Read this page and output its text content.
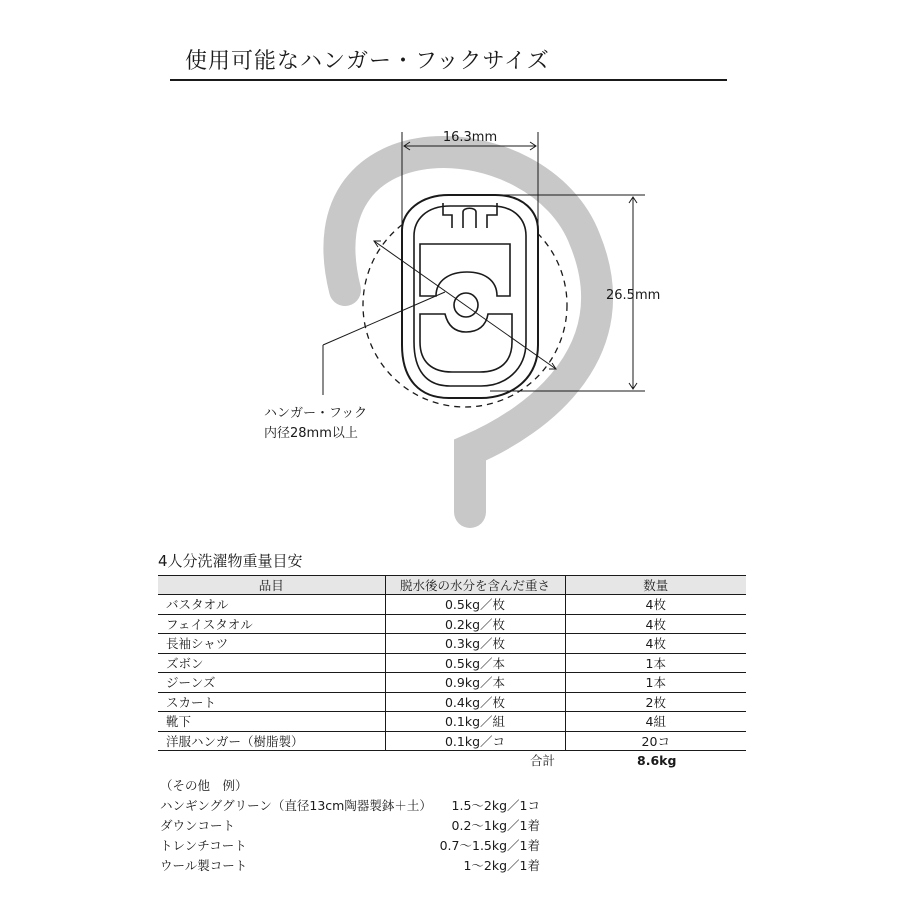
使用可能なハンガー・フックサイズ
16.3mm
26.5mm
ハンガー・フック
内径28mm以上
4人分洗濯物重量目安
品目	脱水後の水分を含んだ重さ	数量
バスタオル	0.5kg／枚	4枚
フェイスタオル	0.2kg／枚	4枚
長袖シャツ	0.3kg／枚	4枚
ズボン	0.5kg／本	1本
ジーンズ	0.9kg／本	1本
スカート	0.4kg／枚	2枚
靴下	0.1kg／組	4組
洋服ハンガー（樹脂製）	0.1kg／コ	20コ
	合計	8.6kg
（その他　例）
ハンギンググリーン（直径13cm陶器製鉢＋土） 1.5〜2kg／1コ
ダウンコート	0.2〜1kg／1着
トレンチコート	0.7〜1.5kg／1着
ウール製コート	1〜2kg／1着
